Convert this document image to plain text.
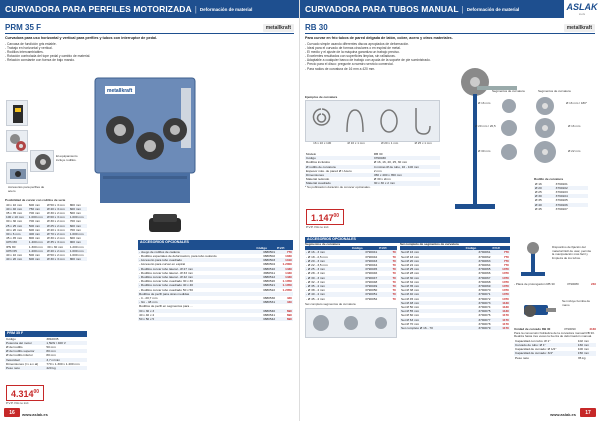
CURVADORA PARA PERFILES MOTORIZADA | Deformación de material
PRM 35 F	metallkraft
Curvadora para uso horizontal y vertical para perfiles y tubos con interruptor de pedal.
- Carcasa de fundición gris estable.
- Trabajo en horizontal y vertical.
- Rodillos intercambiables.
- Rotación controlada del tope pedal y cambio de material.
- Relación constante con fuerza de bajo mando.
metallkraft
El equipamiento incluye rodillos.
Accesorios para perfiles de acero
Posibilidad de curvar con rodillos de serie
40 x 10 mm	600 mm	Ø 50 x 3 mm	800 mm
40 x 40 mm	750 mm	Ø 40 x 3 mm	600 mm
35 x 35 mm	700 mm	Ø 30 x 2 mm	500 mm
100 x 10 mm	1.000 mm	Ø 60 x 3 mm	1.000 mm
30 x 30 mm	700 mm	Ø 30 x 2 mm	700 mm
25 x 25 mm	500 mm	Ø 25 x 2 mm	600 mm
40 x 20 mm	600 mm	Ø 40 x 4 mm	700 mm
30 x 6 mm	400 mm	Ø 70 x 2 mm	1.000 mm
45 x 45 mm	800 mm	Ø 30 x 2 mm	600 mm
UPN 80	1.400 mm	Ø 35 x 3 mm	900 mm
IPN 80	1.300 mm	30 x 30 mm	1.200 mm
UPN 65	1.200 mm	Ø 40 x 2 mm	1.000 mm
40 x 10 mm	500 mm	Ø 50 x 2 mm	1.000 mm
40 x 20 mm	600 mm	Ø 30 x 3 mm	800 mm
PRM 35 F
Código	3810035
Potencia del motor	1,5kW / 400 V
Ø del rodillo	50 mm
Ø del rodillo superior	80 mm
Ø del rodillo inferior	80 mm
Velocidad	3,7 m/min
Dimensiones (l x a x al)	770 x 1.300 x 1.400 mm
Peso neto	420 kg
4.314$^{00}$
P.V.P. IVA no incl.
ACCESORIOS OPCIONALES
	Código	P.V.P.
- Juego de rodillos de cadena	3880501	77€
- Rodillos especiales de deformación, para tubo redondo	3880502	103€
- Accesorio para tubo cuadrado	3880503	131€
- Accesorio para curvar en espiral	3880504	1.200€
- Rodillos curvar tubo lateral - Ø 27 mm	3880510	143€
- Rodillos curvar tubo lateral - Ø 33 mm	3880511	143€
- Rodillos curvar tubo lateral - Ø 42 mm	3880512	143€
- Rodillos curvar tubo cuadrado 30 x 30	3880520	1.105€
- Rodillos curvar tubo cuadrado 40 x 40	3880521	1.105€
- Rodillos curvar tubo cuadrado 50 x 50	3880522	1.205€
Rodillos de perfil para otras medidas		
- 4 - 20,7 mm	3880530	42€
- 3m - 48 mm	3880531	44€
Rodillos de perfil en segmentos para ...		
30 x 30 x 3	3880540	69€
40 x 40 x 4	3880541	69€
50 x 50 x 5	3880542	69€
16	www.aslak.es
CURVADORA PARA TUBOS MANUAL | Deformación de material	ASLAK
tools
RB 30	metallkraft
Para curvar en frío tubos de pared delgada de latón, cobre, acero y otros materiales.
- Curvado simple usando diferentes discos apropiados de deformación.
- Ideal para el curvado de formas circulares o en espiral de metal.
- El medio y el ajuste de la máquina garantiza un trabajo preciso.
- Excelentes resultados con superficies limpias, sin ralladuras.
- Adaptable a cualquier banco de trabajo con ayuda de la soporte de pie suministrado.
- Precio para el disco: pregunte a nuestro servicio comercial.
- Para radios de curvatura de 16 mm a 420 mm.
Ejemplos de curvatura
16 x 10 x 130	Ø 16 x 1 mm	Ø 20 x 1 mm	Ø 25 x 1 mm
Modelo	RB 30
Código	3790030
Rodillos incluidos	Ø 16, 16, 20, 25, 30 mm
Ø rodillo de curvatura	4 micras Ø de tubo, 16 - 100 mm
Espesor máx. de pared Ø / Acero	2 mm
Dimensiones	450 x 400 x 350 mm
Material redondo	Ø 30 x 2mm
Material cuadrado	30 x 30 x 2 mm
* Su publicación duración de conocer opcionales.
1.147$^{00}$
P.V.P. IVA no incl.
Segmentos de curvatura	Segmentos de curvatura
Ø 16 mm
Ø 20 mm / 20,5
Ø 30 mm
Ø 16 mm / 180°
Ø 16 mm
Ø 22 mm
Rodillo de curvatura
Ø 16	3790101
Ø 20	3790102
Ø 25	3790103
Ø 30	3790104
Ø 35	3790105
Ø 40	3790106
Ø 45	3790107
ACCESORIOS OPCIONALES
Segmentos de curvatura
	Código	P.V.P.
- Ø 16 - 3 mm	3790041	7€
- Ø 18 - 2,5 mm	3790042	7€
- Ø 20 - 3 mm	3790043	7€
- Ø 22 - 3,5 mm	3790044	7€
- Ø 25 - 3 mm	3790045	7€
- Ø 28 - 3 mm	3790046	7€
- Ø 30 - 3 mm	3790047	7€
- Ø 32 - 3 mm	3790048	7€
- Ø 35 - 4 mm	3790049	7€
- Ø 38 - 4 mm	3790050	7€
- Ø 40 - 4 mm	3790051	7€
- Ø 45 - 4 mm	3790052	7€
Set completo segmentos de curvatura
Set completo de segmentos de curvatura
	Código	P.V.P.
Set Ø 16 mm	3790061	77€
Set Ø 18 mm	3790062	77€
Set Ø 20 mm	3790063	77€
Set Ø 22 mm	3790064	77€
Set Ø 25 mm	3790065	107€
Set Ø 28 mm	3790066	107€
Set Ø 30 mm	3790067	107€
Set Ø 32 mm	3790068	107€
Set Ø 35 mm	3790069	107€
Set Ø 38 mm	3790070	107€
Set Ø 40 mm	3790071	107€
Set Ø 45 mm	3790072	107€
Set Ø 48 mm	3790073	113€
Set Ø 50 mm	3790074	113€
Set Ø 55 mm	3790075	113€
Set Ø 60 mm	3790076	117€
Set Ø 63 mm	3790077	117€
Set Ø 70 mm	3790078	117€
Set completo Ø 16 - 70	3790079	117€
Dispositivo de fijación del material fácil de usar, permite la manipulación más fácil y limpieza de los tubos.
- Placa de prolongación RB 30	3790080	24€
Se incluye bomba de mano
Unidad de curvado RB 30	3790090	413€
Para la conversión hidráulica de la curvadora manual RB 30.
Realiza hasta tres veces la fuerza de deformación manual.
Capacidad con tubo: Ø 1"	102 mm
Curvado de tubo: Ø 1"	160 mm
Capacidad de curvado: Ø 1/2"	100 mm
Capacidad de curvado: 3/4"	150 mm
Peso neto	35 kg
www.aslak.es	17
